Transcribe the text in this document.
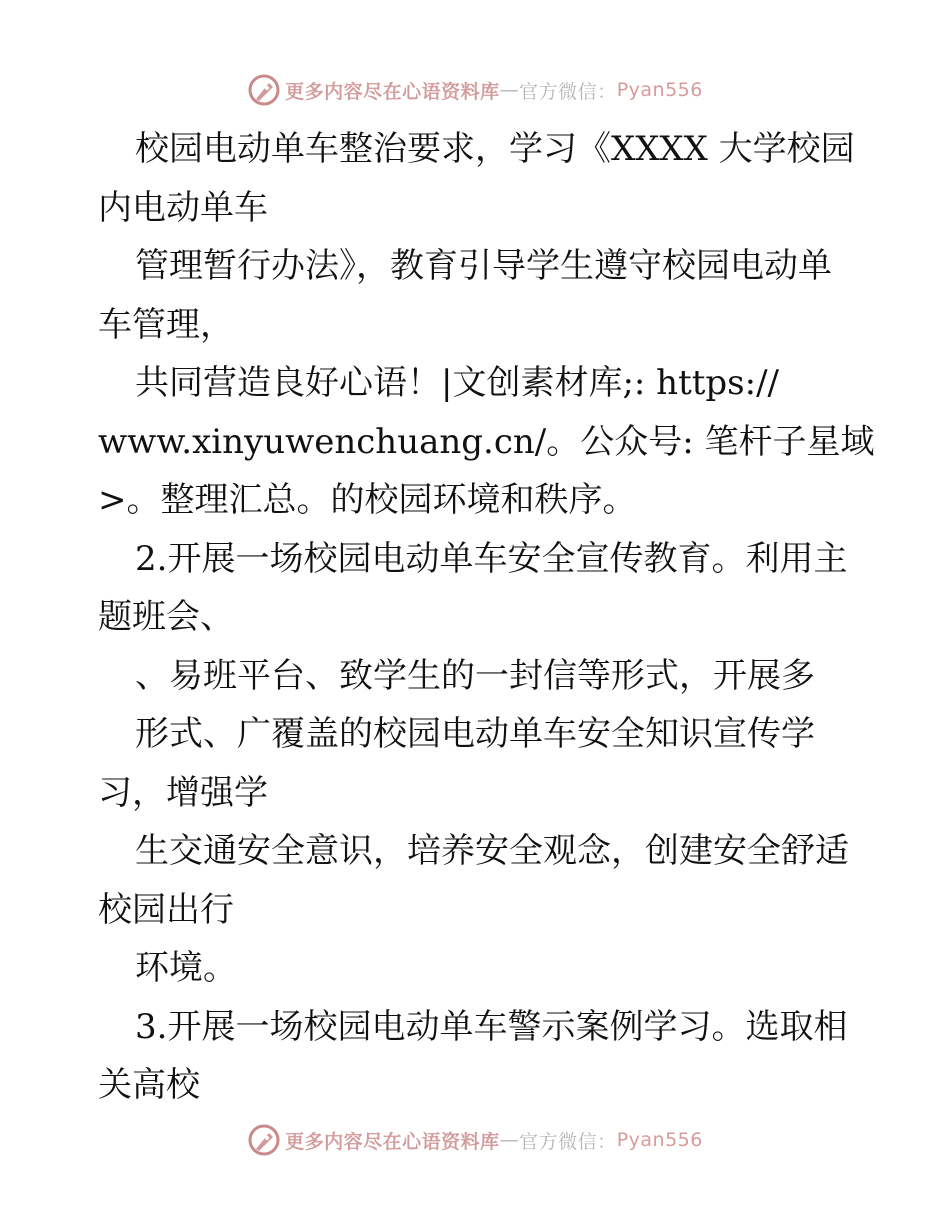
更多内容尽在心语资料库 — 官方微信： Pyan556
校园电动单车整治要求，学习《XXXX 大学校园
内电动单车
管理暂行办法》，教育引导学生遵守校园电动单
车管理，
共同营造良好心语！|文创素材库;: https://
www.xinyuwenchuang.cn/。公众号: 笔杆子星域
>。整理汇总。的校园环境和秩序。
2.开展一场校园电动单车安全宣传教育。利用主
题班会、
、易班平台、致学生的一封信等形式，开展多
形式、广覆盖的校园电动单车安全知识宣传学
习，增强学
生交通安全意识，培养安全观念，创建安全舒适
校园出行
环境。
3.开展一场校园电动单车警示案例学习。选取相
关高校
更多内容尽在心语资料库 — 官方微信： Pyan556
